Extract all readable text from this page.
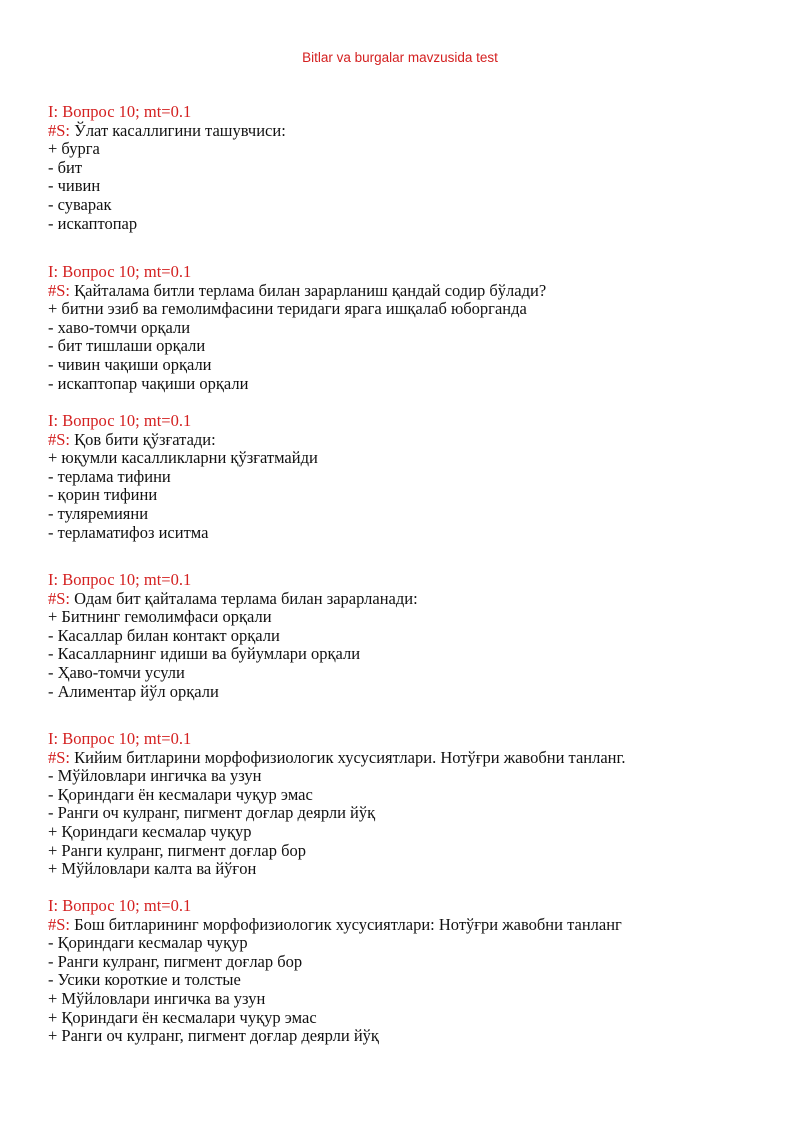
Bitlar va burgalar mavzusida test
I: Вопрос 10; mt=0.1
#S: Ўлат касаллигини ташувчиси:
+ бурга
- бит
- чивин
- суварак
- искаптопар
I: Вопрос 10; mt=0.1
#S: Қайталама битли терлама билан зарарланиш қандай содир бўлади?
+ битни эзиб ва гемолимфасини теридаги ярага ишқалаб юборганда
- хаво-томчи орқали
- бит тишлаши орқали
- чивин чақиши орқали
- искаптопар чақиши орқали
I: Вопрос 10; mt=0.1
#S: Қов бити қўзғатади:
+ юқумли касалликларни қўзғатмайди
- терлама тифини
- қорин тифини
- туляремияни
- терламатифоз иситма
I: Вопрос 10; mt=0.1
#S: Одам бит қайталама терлама билан зарарланади:
+ Битнинг гемолимфаси орқали
- Касаллар билан контакт орқали
- Касалларнинг идиши ва буйумлари орқали
- Ҳаво-томчи усули
- Алиментар йўл орқали
I: Вопрос 10; mt=0.1
#S: Кийим битларини морфофизиологик хусусиятлари. Нотўғри жавобни танланг.
- Мўйловлари ингичка ва узун
- Қориндаги ён кесмалари чуқур эмас
- Ранги оч кулранг, пигмент доғлар деярли йўқ
+ Қориндаги кесмалар чуқур
+ Ранги кулранг, пигмент доғлар бор
+ Мўйловлари калта ва йўғон
I: Вопрос 10; mt=0.1
#S: Бош битларининг морфофизиологик хусусиятлари: Нотўғри жавобни танланг
- Қориндаги кесмалар чуқур
- Ранги кулранг, пигмент доғлар бор
- Усики короткие и толстые
+ Мўйловлари ингичка ва узун
+ Қориндаги ён кесмалари чуқур эмас
+ Ранги оч кулранг, пигмент доғлар деярли йўқ
